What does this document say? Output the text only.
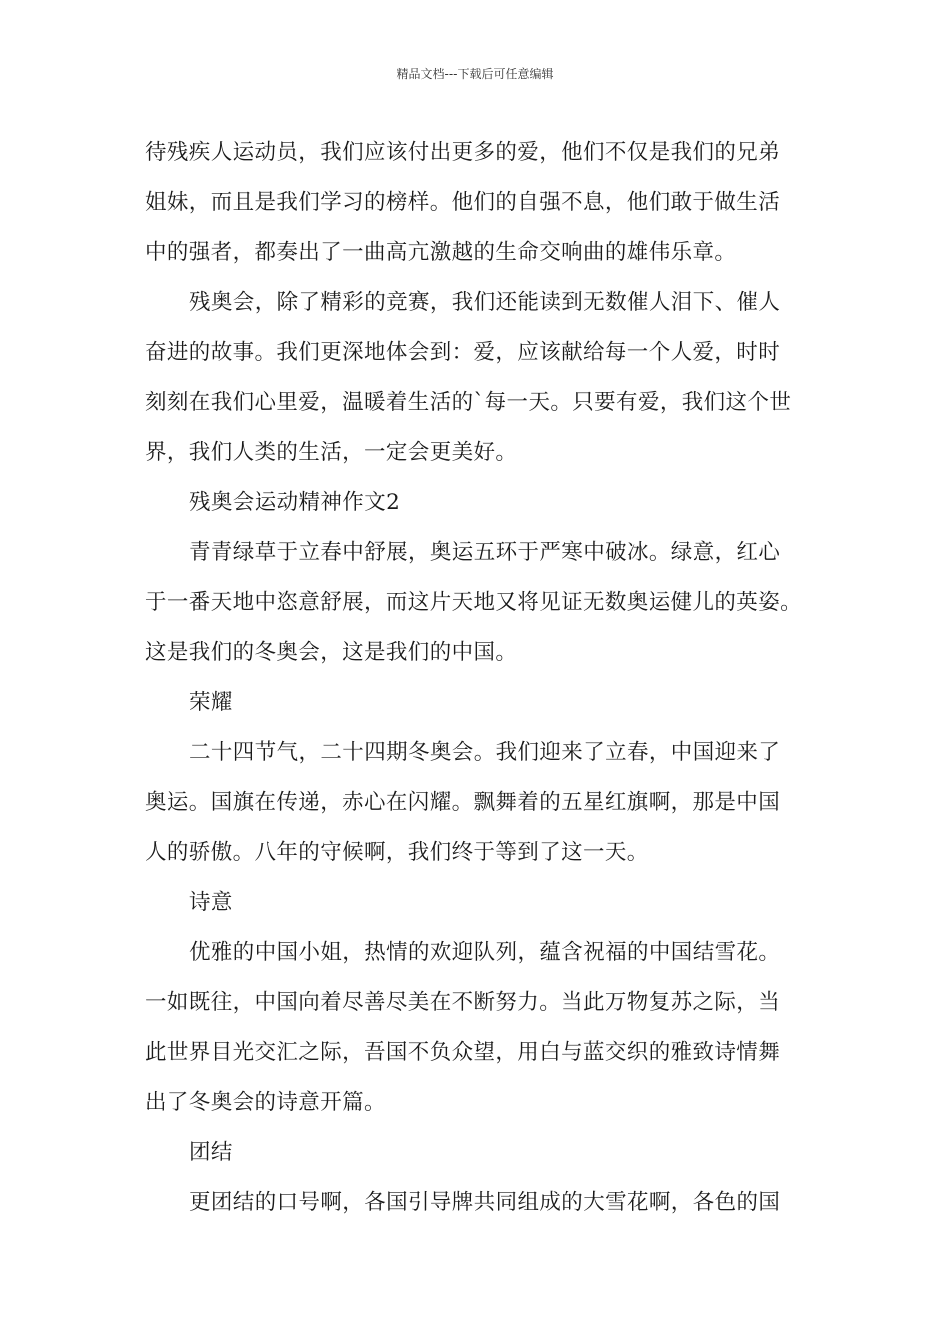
精品文档---下载后可任意编辑

待残疾人运动员，我们应该付出更多的爱，他们不仅是我们的兄弟

姐妹，而且是我们学习的榜样。他们的自强不息，他们敢于做生活

中的强者，都奏出了一曲高亢激越的生命交响曲的雄伟乐章。

残奥会，除了精彩的竞赛，我们还能读到无数催人泪下、催人

奋进的故事。我们更深地体会到：爱，应该献给每一个人爱，时时

刻刻在我们心里爱，温暖着生活的`每一天。只要有爱，我们这个世

界，我们人类的生活，一定会更美好。

残奥会运动精神作文2

青青绿草于立春中舒展，奥运五环于严寒中破冰。绿意，红心

于一番天地中恣意舒展，而这片天地又将见证无数奥运健儿的英姿。

这是我们的冬奥会，这是我们的中国。

荣耀

二十四节气，二十四期冬奥会。我们迎来了立春，中国迎来了

奥运。国旗在传递，赤心在闪耀。飘舞着的五星红旗啊，那是中国

人的骄傲。八年的守候啊，我们终于等到了这一天。

诗意

优雅的中国小姐，热情的欢迎队列，蕴含祝福的中国结雪花。

一如既往，中国向着尽善尽美在不断努力。当此万物复苏之际，当

此世界目光交汇之际，吾国不负众望，用白与蓝交织的雅致诗情舞

出了冬奥会的诗意开篇。

团结

更团结的口号啊，各国引导牌共同组成的大雪花啊，各色的国
